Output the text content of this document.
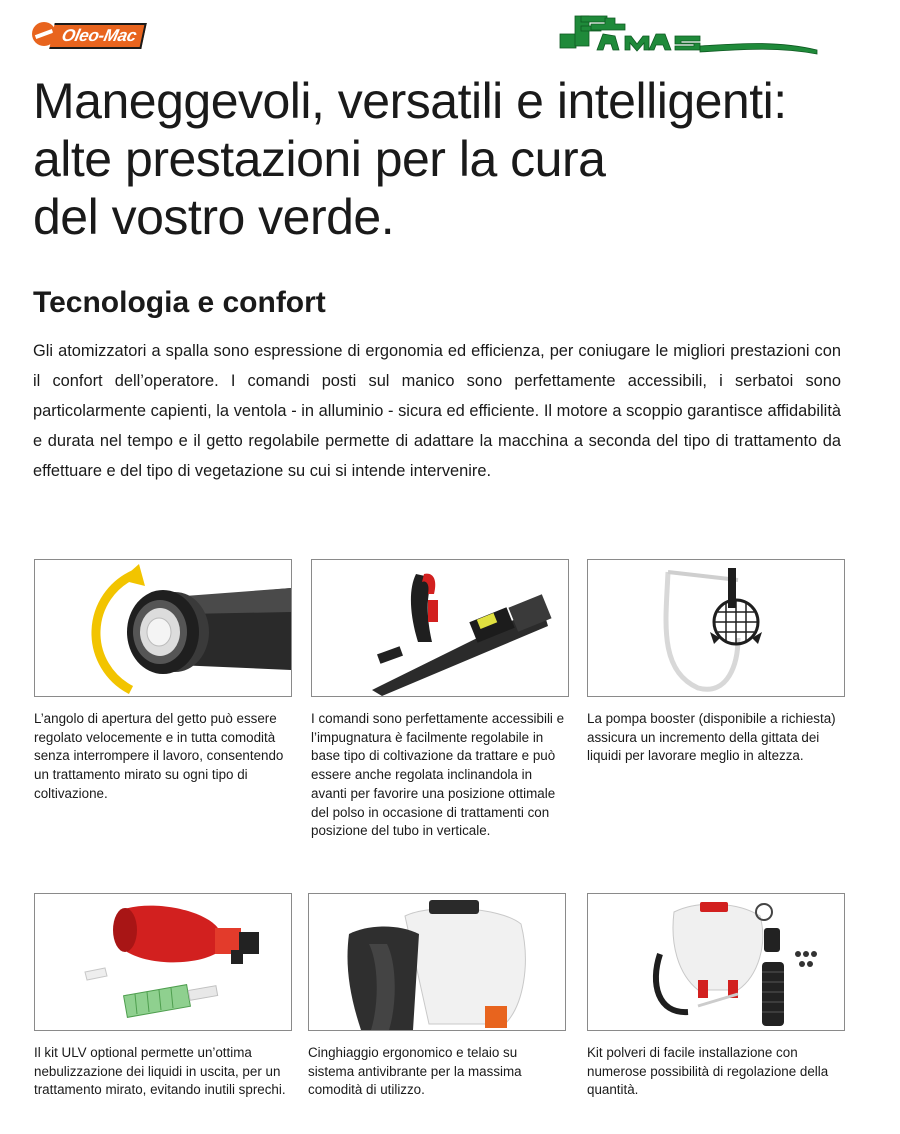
Oleo-Mac
Maneggevoli, versatili e intelligenti:
alte prestazioni per la cura
del vostro verde.
Tecnologia e confort

Gli atomizzatori a spalla sono espressione di ergonomia ed efficienza, per coniugare le migliori prestazioni con il confort dell’operatore. I comandi posti sul manico sono perfettamente accessibili, i serbatoi sono particolarmente capienti, la ventola - in alluminio - sicura ed efficiente. Il motore a scoppio garantisce affidabilità e durata nel tempo e il getto regolabile permette di adattare la macchina a seconda del tipo di trattamento da effettuare e del tipo di vegetazione su cui si intende intervenire.

L’angolo di apertura del getto può essere regolato velocemente e in tutta comodità senza interrompere il lavoro, consentendo un trattamento mirato su ogni tipo di coltivazione.

I comandi sono perfettamente accessibili e l’impugnatura è facilmente regolabile in base tipo di coltivazione da trattare e può essere anche regolata inclinandola in avanti per favorire una posizione ottimale del polso in occasione di trattamenti con posizione del tubo in verticale.

La pompa booster (disponibile a richiesta) assicura un incremento della gittata dei liquidi per lavorare meglio in altezza.

Il kit ULV optional permette un’ottima nebulizzazione dei liquidi in uscita, per un trattamento mirato, evitando inutili sprechi.

Cinghiaggio ergonomico e telaio su sistema antivibrante per la massima comodità di utilizzo.

Kit polveri di facile installazione con numerose possibilità di regolazione della quantità.
